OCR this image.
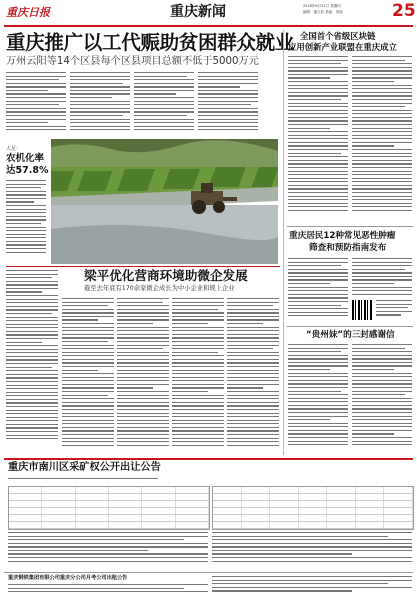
重庆日报	重庆新闻	2018年6月21日 星期四
编辑：潘文彩 美编：刘丽	25
重庆推广以工代赈助贫困群众就业
万州云阳等14个区县每个区县项目总额不低于5000万元
全国首个省级区块链
应用创新产业联盟在重庆成立
重庆居民12种常见恶性肿瘤
筛查和预防指南发布
“贵州妹”的三封感谢信
大足：
农机化率
达57.8%
梁平优化营商环境助微企发展
截至去年底有170余家微企成长为中小企业和规上企业
重庆市南川区采矿权公开出让公告
重庆钢铁集团有限公司重庆分公司月考公司出租公告
